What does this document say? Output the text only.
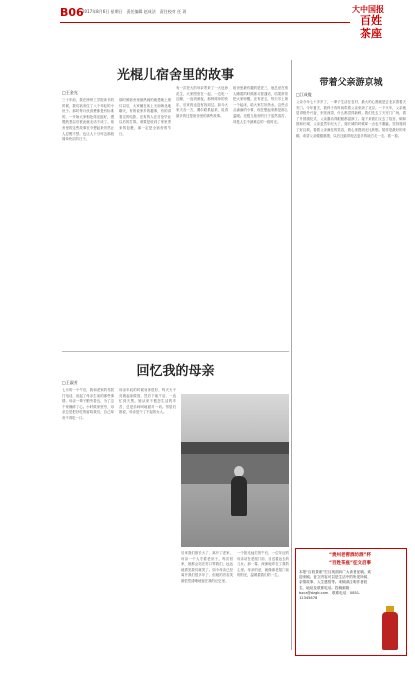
B06
2017年8月6日 星期日　责任编辑 赵成洁　责任校对 任 玥	大中国报
百姓
茶座
光棍儿宿舍里的故事
□王金光
三十年前，我在徐州工学院读书的时候，我们宿舍住了八个年轻的小伙子。那时每月伙食费都是有标准的，一开始大家相处得还挺好，慢慢熟悉以后彼此就无话不谈了。宿舍里的这些故事至今想起来仍然让人忍俊不禁，也让人十分怀念那段简单快乐的日子。
那时候宿舍里最热闹的就是晚上熄灯以后，大家躺在床上天南海北地聊天，有的说家乡的趣事，有的讲看过的电影，还有的人在讨论毕业以后的打算。谁要是收到了家里寄来的包裹，那一定是全宿舍的节日。
有一次老大的母亲寄来了一大包炒花生，大家围坐在一起，一边吃一边聊，一直到深夜。那种简单的快乐，后来再也没有找到过。如今大家天各一方，偶尔联系起来，说得最多的还是宿舍里的那些故事。
宿舍里最有趣的是老三，他总爱在别人睡着的时候练习普通话，结果常常把大家吵醒。还有老五，每天早上第一个起床，给大家打好热水。这些点点滴滴的小事，现在想起来都是那么温暖。光棍儿宿舍的日子虽然清苦，却是人生中最难忘的一段时光。
回忆我的母亲
□王淑芳
七月的一个午后，我和老家的邻居打电话，说起了母亲生前的那些事情。母亲一辈子勤劳善良，为了这个家操碎了心。小时候家里穷，母亲总是把好吃的留给我们，自己却舍不得吃一口。
母亲年轻的时候身体很好，每天天不亮就起床做饭，然后下地干活，一直忙到天黑。她从来不抱怨生活的辛苦，总是乐呵呵地面对一切。邻居们都说，母亲是个了不起的女人。
后来我们都长大了，离开了老家，母亲一个人守着老房子。每次回家，她都会站在村口等我们，远远地看见我们就笑了。如今母亲已经离开我们很多年了，但她的音容笑貌依然清晰地留在我的记忆里。
一个阳光灿烂的午后，一位年迈的母亲站在老屋门前，目送着远去的儿女。那一幕，深深地印在了我的心里。母亲的爱，就像那老屋门前的阳光，温暖着我们的一生。
带着父亲游京城
□江成俊
父亲今年七十多岁了，一辈子生活在农村，最大的心愿就是去北京看看天安门。今年夏天，我终于有时间带着父亲来到了北京。一下火车，父亲就显得格外兴奋，东张西望，什么都觉得新鲜。我们先去了天安门广场，看了升国旗仪式，父亲激动得眼眶都湿润了。接下来我们又去了故宫、颐和园和长城，父亲虽然年纪大了，爬长城的时候却一点也不服输，坚持爬到了好汉坡。看着父亲满足的笑容，我心里感到无比欣慰。陪伴是最好的孝顺，希望父亲健健康康，以后还能带他去更多的地方走一走、看一看。
“贵州老窖酒坊酒”杯
“百姓茶座”征文启事
本报“百姓茶座”栏目现面向广大读者征稿，欢迎来稿。征文内容可以是生活中的所见所闻、亲情故事、人生感悟等。来稿请注明作者姓名、地址及联系电话。投稿邮箱：bxcz@dzgb.com　联系电话：0851-12345678
